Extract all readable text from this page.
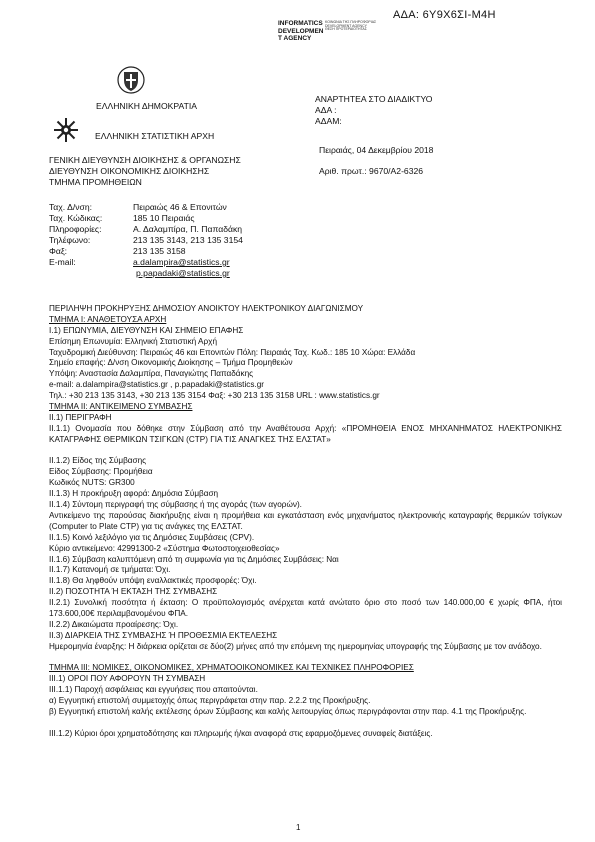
ΑΔΑ: 6Υ9Χ6ΣΙ-Μ4Η
INFORMATICS
DEVELOPMEN
T AGENCY
ΚΟΙΝΩΝΙΑ ΤΗΣ ΠΛΗΡΟΦΟΡΙΑΣ
DEVELOPMENT AGENCY
ΘΕΣΗ ΠΡΟΤΕΡΑΙΟΤΗΤΑΣ
ΕΛΛΗΝΙΚΗ ΔΗΜΟΚΡΑΤΙΑ
ΕΛΛΗΝΙΚΗ ΣΤΑΤΙΣΤΙΚΗ ΑΡΧΗ
ΓΕΝΙΚΗ ΔΙΕΥΘΥΝΣΗ ΔΙΟΙΚΗΣΗΣ & ΟΡΓΑΝΩΣΗΣ
ΔΙΕΥΘΥΝΣΗ ΟΙΚΟΝΟΜΙΚΗΣ ΔΙΟΙΚΗΣΗΣ
ΤΜΗΜΑ ΠΡΟΜΗΘΕΙΩΝ
ΑΝΑΡΤΗΤΕΑ ΣΤΟ ΔΙΑΔΙΚΤΥΟ
ΑΔΑ :
ΑΔΑΜ:
Πειραιάς, 04 Δεκεμβρίου 2018
Αριθ. πρωτ.: 9670/Α2-6326
Ταχ. Δ/νση:	Πειραιώς 46 & Επονιτών
Ταχ. Κώδικας:	185 10 Πειραιάς
Πληροφορίες:	Α. Δαλαμπίρα, Π. Παπαδάκη
Τηλέφωνο:	213 135 3143, 213 135 3154
Φαξ:	213 135 3158
E-mail:	a.dalampira@statistics.gr
p.papadaki@statistics.gr
ΠΕΡΙΛΗΨΗ ΠΡΟΚΗΡΥΞΗΣ ΔΗΜΟΣΙΟΥ ΑΝΟΙΚΤΟΥ ΗΛΕΚΤΡΟΝΙΚΟΥ ΔΙΑΓΩΝΙΣΜΟΥ
ΤΜΗΜΑ Ι: ΑΝΑΘΕΤΟΥΣΑ ΑΡΧΗ
Ι.1) ΕΠΩΝΥΜΙΑ, ΔΙΕΥΘΥΝΣΗ ΚΑΙ ΣΗΜΕΙΟ ΕΠΑΦΗΣ
Επίσημη Επωνυμία: Ελληνική Στατιστική Αρχή
Ταχυδρομική Διεύθυνση: Πειραιώς 46 και Επονιτών Πόλη: Πειραιάς Ταχ. Κωδ.: 185 10 Χώρα: Ελλάδα
Σημείο επαφής: Δ/νση Οικονομικής Διοίκησης – Τμήμα Προμηθειών
Υπόψη: Αναστασία Δαλαμπίρα, Παναγιώτης Παπαδάκης
e-mail: a.dalampira@statistics.gr , p.papadaki@statistics.gr
Τηλ.: +30 213 135 3143, +30 213 135 3154 Φαξ: +30 213 135 3158 URL : www.statistics.gr
ΤΜΗΜΑ ΙΙ: ΑΝΤΙΚΕΙΜΕΝΟ ΣΥΜΒΑΣΗΣ
ΙΙ.1) ΠΕΡΙΓΡΑΦΗ
ΙΙ.1.1) Ονομασία που δόθηκε στην Σύμβαση από την Αναθέτουσα Αρχή: «ΠΡΟΜΗΘΕΙΑ ΕΝΟΣ ΜΗΧΑΝΗΜΑΤΟΣ ΗΛΕΚΤΡΟΝΙΚΗΣ ΚΑΤΑΓΡΑΦΗΣ ΘΕΡΜΙΚΩΝ ΤΣΙΓΚΩΝ (CTP) ΓΙΑ ΤΙΣ ΑΝΑΓΚΕΣ ΤΗΣ ΕΛΣΤΑΤ»
ΙΙ.1.2) Είδος της Σύμβασης
Είδος Σύμβασης: Προμήθεια
Κωδικός NUTS: GR300
ΙΙ.1.3) Η προκήρυξη αφορά: Δημόσια Σύμβαση
ΙΙ.1.4) Σύντομη περιγραφή της σύμβασης ή της αγοράς (των αγορών).
Αντικείμενο της παρούσας διακήρυξης είναι η προμήθεια και εγκατάσταση ενός μηχανήματος ηλεκτρονικής καταγραφής θερμικών τσίγκων (Computer to Plate CTP) για τις ανάγκες της ΕΛΣΤΑΤ.
ΙΙ.1.5) Κοινό λεξιλόγιο για τις Δημόσιες Συμβάσεις (CPV).
Κύριο αντικείμενο: 42991300-2 «Σύστημα Φωτοστοιχειοθεσίας»
ΙΙ.1.6) Σύμβαση καλυπτόμενη από τη συμφωνία για τις Δημόσιες Συμβάσεις: Ναι
ΙΙ.1.7) Κατανομή σε τμήματα: Όχι.
ΙΙ.1.8) Θα ληφθούν υπόψη εναλλακτικές προσφορές: Όχι.
ΙΙ.2) ΠΟΣΟΤΗΤΑ Ή ΕΚΤΑΣΗ ΤΗΣ ΣΥΜΒΑΣΗΣ
ΙΙ.2.1) Συνολική ποσότητα ή έκταση: Ο προϋπολογισμός ανέρχεται κατά ανώτατο όριο στο ποσό των 140.000,00 € χωρίς ΦΠΑ, ήτοι 173.600,00€ περιλαμβανομένου ΦΠΑ.
ΙΙ.2.2) Δικαιώματα προαίρεσης: Όχι.
ΙΙ.3) ΔΙΑΡΚΕΙΑ ΤΗΣ ΣΥΜΒΑΣΗΣ Ή ΠΡΟΘΕΣΜΙΑ ΕΚΤΕΛΕΣΗΣ
Ημερομηνία έναρξης: Η διάρκεια ορίζεται σε δύο(2) μήνες από την επόμενη της ημερομηνίας υπογραφής της Σύμβασης με τον ανάδοχο.
ΤΜΗΜΑ ΙΙΙ: ΝΟΜΙΚΕΣ, ΟΙΚΟΝΟΜΙΚΕΣ, ΧΡΗΜΑΤΟΟΙΚΟΝΟΜΙΚΕΣ ΚΑΙ ΤΕΧΝΙΚΕΣ ΠΛΗΡΟΦΟΡΙΕΣ
ΙΙΙ.1) ΟΡΟΙ ΠΟΥ ΑΦΟΡΟΥΝ ΤΗ ΣΥΜΒΑΣΗ
ΙΙΙ.1.1) Παροχή ασφάλειας και εγγυήσεις που απαιτούνται.
α) Εγγυητική επιστολή συμμετοχής όπως περιγράφεται στην παρ. 2.2.2 της Προκήρυξης.
β) Εγγυητική επιστολή καλής εκτέλεσης όρων Σύμβασης και καλής λειτουργίας όπως περιγράφονται στην παρ. 4.1 της Προκήρυξης.
ΙΙΙ.1.2) Κύριοι όροι χρηματοδότησης και πληρωμής ή/και αναφορά στις εφαρμοζόμενες συναφείς διατάξεις.
1
